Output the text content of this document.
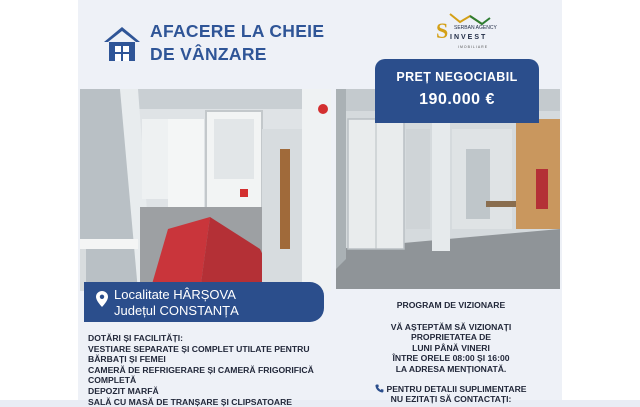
AFACERE LA CHEIE
DE VÂNZARE
S SERBAN AGENCY
INVEST
IMOBILIARE
PREȚ NEGOCIABIL
190.000 €
Localitate HÂRȘOVA
Județul CONSTANȚA
DOTĂRI ȘI FACILITĂȚI:
VESTIARE SEPARATE ȘI COMPLET UTILATE PENTRU
BĂRBAȚI ȘI FEMEI
CAMERĂ DE REFRIGERARE ȘI CAMERĂ FRIGORIFICĂ
COMPLETĂ
DEPOZIT MARFĂ
SALĂ CU MASĂ DE TRANȘARE ȘI CLIPSATOARE
PROGRAM DE VIZIONARE
VĂ AȘTEPTĂM SĂ VIZIONAȚI
PROPRIETATEA DE
LUNI PÂNĂ VINERI
ÎNTRE ORELE 08:00 ȘI 16:00
LA ADRESA MENȚIONATĂ.
PENTRU DETALII SUPLIMENTARE
NU EZITAȚI SĂ CONTACTAȚI:
